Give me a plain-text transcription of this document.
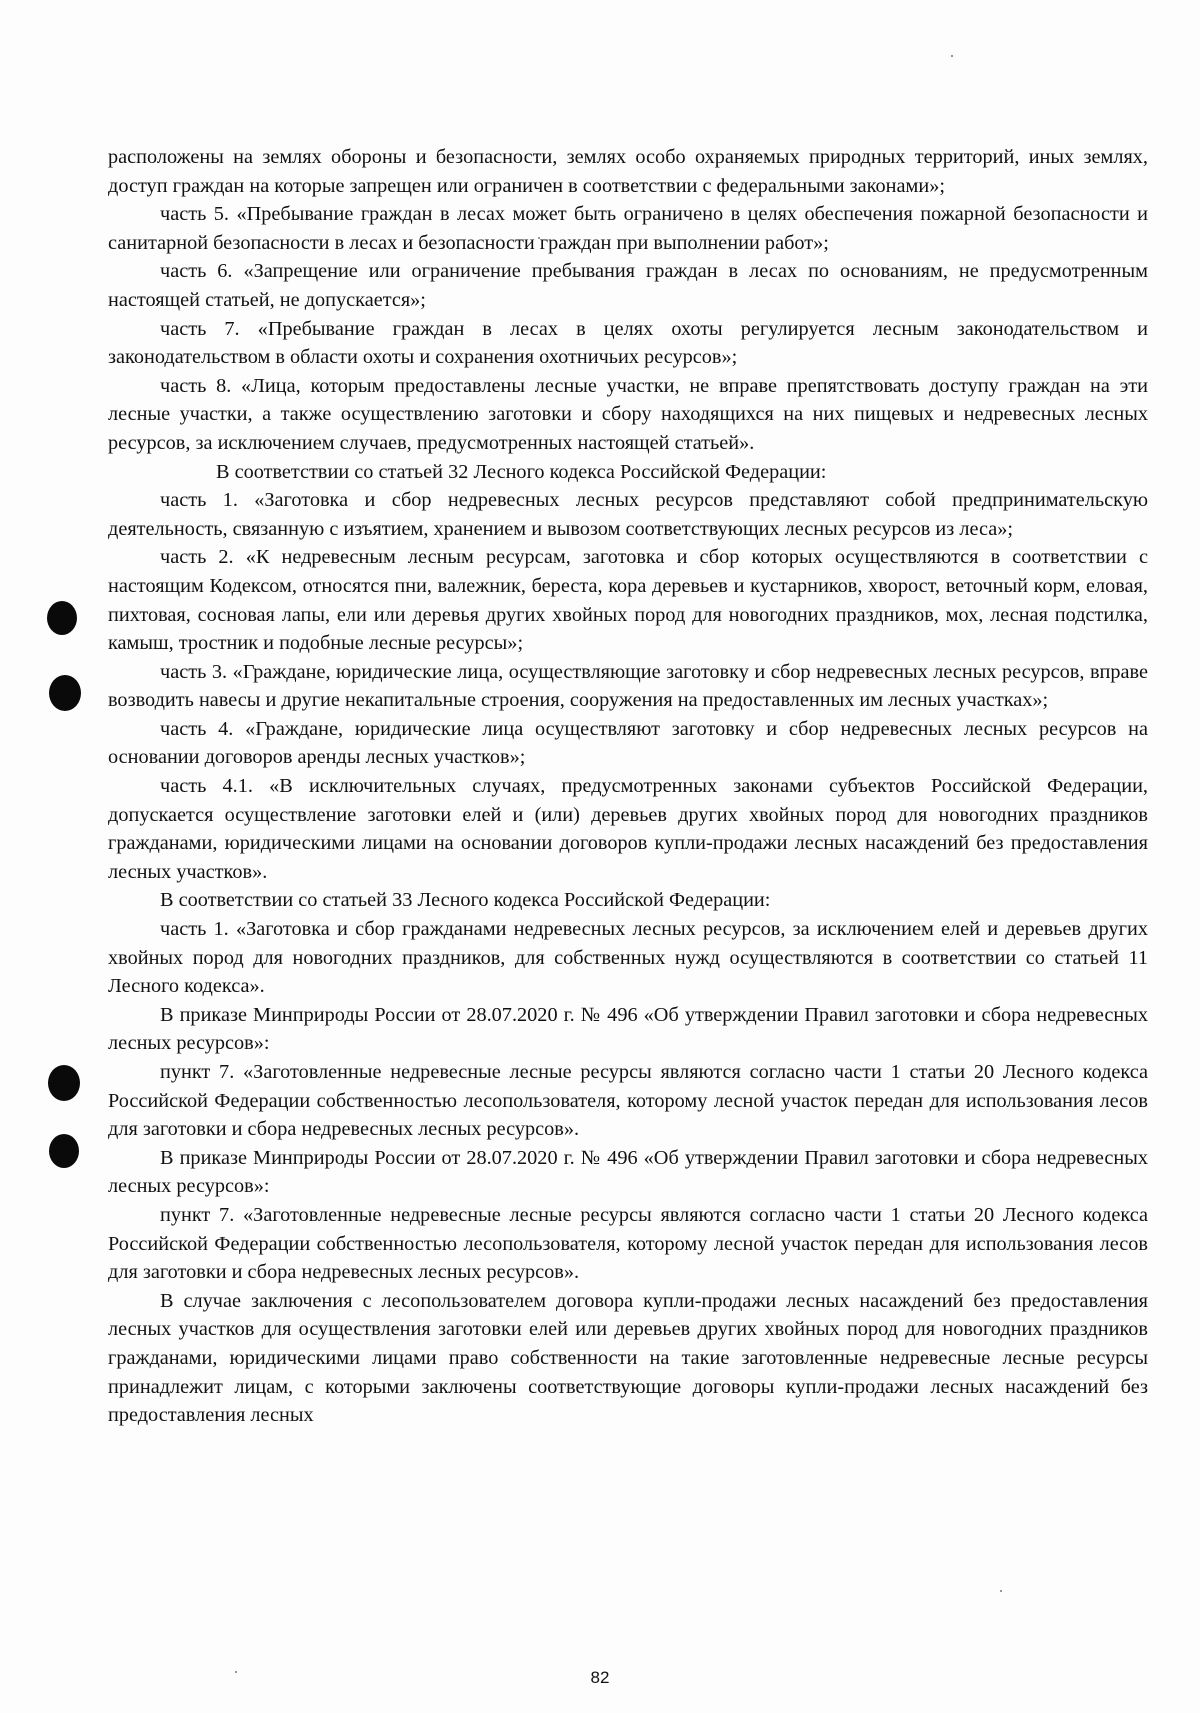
расположены на землях обороны и безопасности, землях особо охраняемых природных территорий, иных землях, доступ граждан на которые запрещен или ограничен в соответствии с федеральными законами»;

часть 5. «Пребывание граждан в лесах может быть ограничено в целях обеспечения пожарной безопасности и санитарной безопасности в лесах и безопасности граждан при выполнении работ»;

часть 6. «Запрещение или ограничение пребывания граждан в лесах по основаниям, не предусмотренным настоящей статьей, не допускается»;

часть 7. «Пребывание граждан в лесах в целях охоты регулируется лесным законодательством и законодательством в области охоты и сохранения охотничьих ресурсов»;

часть 8. «Лица, которым предоставлены лесные участки, не вправе препятствовать доступу граждан на эти лесные участки, а также осуществлению заготовки и сбору находящихся на них пищевых и недревесных лесных ресурсов, за исключением случаев, предусмотренных настоящей статьей».

В соответствии со статьей 32 Лесного кодекса Российской Федерации:

часть 1. «Заготовка и сбор недревесных лесных ресурсов представляют собой предпринимательскую деятельность, связанную с изъятием, хранением и вывозом соответствующих лесных ресурсов из леса»;

часть 2. «К недревесным лесным ресурсам, заготовка и сбор которых осуществляются в соответствии с настоящим Кодексом, относятся пни, валежник, береста, кора деревьев и кустарников, хворост, веточный корм, еловая, пихтовая, сосновая лапы, ели или деревья других хвойных пород для новогодних праздников, мох, лесная подстилка, камыш, тростник и подобные лесные ресурсы»;

часть 3. «Граждане, юридические лица, осуществляющие заготовку и сбор недревесных лесных ресурсов, вправе возводить навесы и другие некапитальные строения, сооружения на предоставленных им лесных участках»;

часть 4. «Граждане, юридические лица осуществляют заготовку и сбор недревесных лесных ресурсов на основании договоров аренды лесных участков»;

часть 4.1. «В исключительных случаях, предусмотренных законами субъектов Российской Федерации, допускается осуществление заготовки елей и (или) деревьев других хвойных пород для новогодних праздников гражданами, юридическими лицами на основании договоров купли-продажи лесных насаждений без предоставления лесных участков».

В соответствии со статьей 33 Лесного кодекса Российской Федерации:

часть 1. «Заготовка и сбор гражданами недревесных лесных ресурсов, за исключением елей и деревьев других хвойных пород для новогодних праздников, для собственных нужд осуществляются в соответствии со статьей 11 Лесного кодекса».

В приказе Минприроды России от 28.07.2020 г. № 496 «Об утверждении Правил заготовки и сбора недревесных лесных ресурсов»:

пункт 7. «Заготовленные недревесные лесные ресурсы являются согласно части 1 статьи 20 Лесного кодекса Российской Федерации собственностью лесопользователя, которому лесной участок передан для использования лесов для заготовки и сбора недревесных лесных ресурсов».

В приказе Минприроды России от 28.07.2020 г. № 496 «Об утверждении Правил заготовки и сбора недревесных лесных ресурсов»:

пункт 7. «Заготовленные недревесные лесные ресурсы являются согласно части 1 статьи 20 Лесного кодекса Российской Федерации собственностью лесопользователя, которому лесной участок передан для использования лесов для заготовки и сбора недревесных лесных ресурсов».

В случае заключения с лесопользователем договора купли-продажи лесных насаждений без предоставления лесных участков для осуществления заготовки елей или деревьев других хвойных пород для новогодних праздников гражданами, юридическими лицами право собственности на такие заготовленные недревесные лесные ресурсы принадлежит лицам, с которыми заключены соответствующие договоры купли-продажи лесных насаждений без предоставления лесных

82
